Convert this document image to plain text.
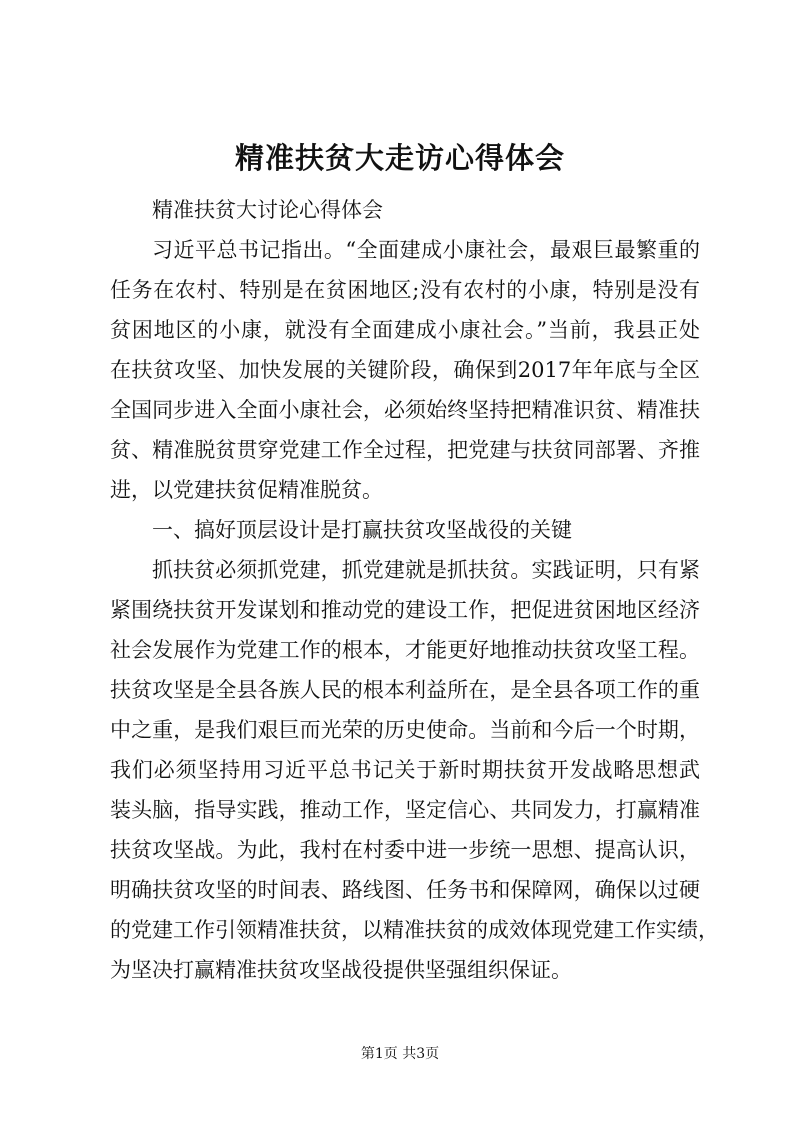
精准扶贫大走访心得体会
精准扶贫大讨论心得体会
习近平总书记指出。“全面建成小康社会，最艰巨最繁重的
任务在农村、特别是在贫困地区;没有农村的小康，特别是没有
贫困地区的小康，就没有全面建成小康社会。”当前，我县正处
在扶贫攻坚、加快发展的关键阶段，确保到2017年年底与全区
全国同步进入全面小康社会，必须始终坚持把精准识贫、精准扶
贫、精准脱贫贯穿党建工作全过程，把党建与扶贫同部署、齐推
进，以党建扶贫促精准脱贫。
一、搞好顶层设计是打赢扶贫攻坚战役的关键
抓扶贫必须抓党建，抓党建就是抓扶贫。实践证明，只有紧
紧围绕扶贫开发谋划和推动党的建设工作，把促进贫困地区经济
社会发展作为党建工作的根本，才能更好地推动扶贫攻坚工程。
扶贫攻坚是全县各族人民的根本利益所在，是全县各项工作的重
中之重，是我们艰巨而光荣的历史使命。当前和今后一个时期，
我们必须坚持用习近平总书记关于新时期扶贫开发战略思想武
装头脑，指导实践，推动工作，坚定信心、共同发力，打赢精准
扶贫攻坚战。为此，我村在村委中进一步统一思想、提高认识，
明确扶贫攻坚的时间表、路线图、任务书和保障网，确保以过硬
的党建工作引领精准扶贫，以精准扶贫的成效体现党建工作实绩，
为坚决打赢精准扶贫攻坚战役提供坚强组织保证。
第1页 共3页
